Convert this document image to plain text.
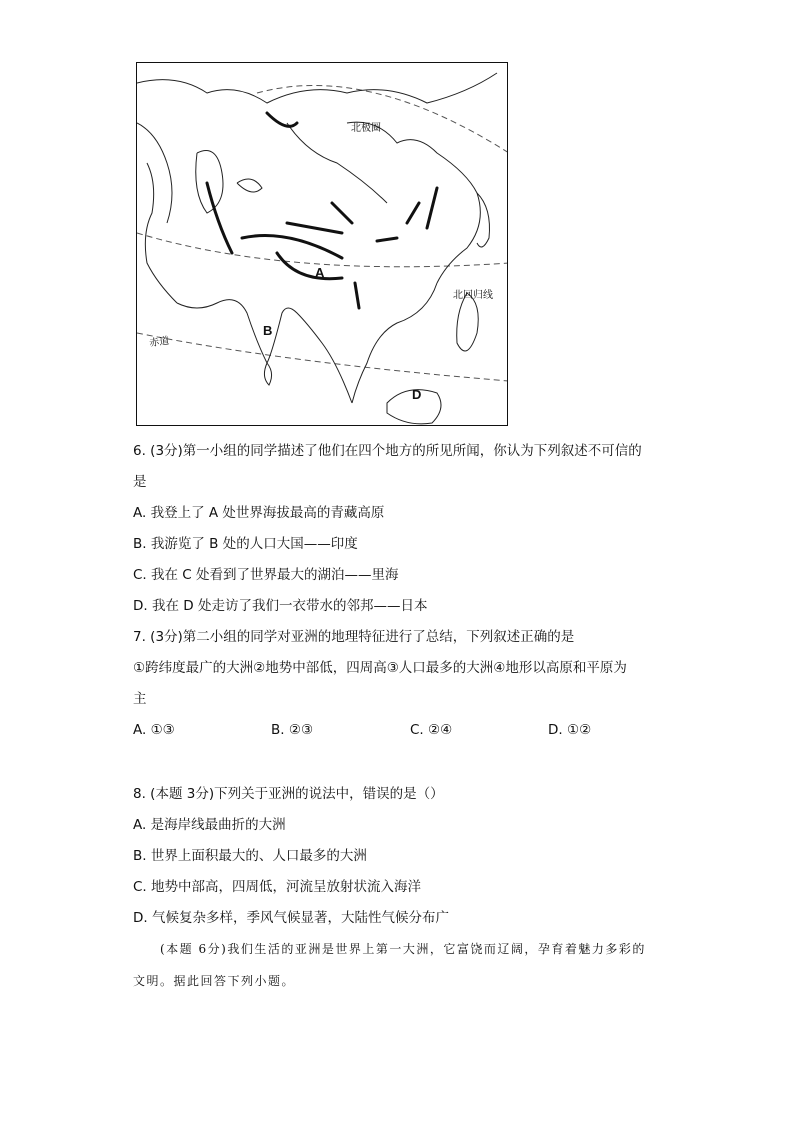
北极圈
北回归线
赤道
A
B
D
6. (3分)第一小组的同学描述了他们在四个地方的所见所闻，你认为下列叙述不可信的
是
A. 我登上了 A 处世界海拔最高的青藏高原
B. 我游览了 B 处的人口大国——印度
C. 我在 C 处看到了世界最大的湖泊——里海
D. 我在 D 处走访了我们一衣带水的邻邦——日本
7. (3分)第二小组的同学对亚洲的地理特征进行了总结，下列叙述正确的是
①跨纬度最广的大洲②地势中部低，四周高③人口最多的大洲④地形以高原和平原为
主
A. ①③	B. ②③	C. ②④	D. ①②
8. (本题 3分)下列关于亚洲的说法中，错误的是（）
A. 是海岸线最曲折的大洲
B. 世界上面积最大的、人口最多的大洲
C. 地势中部高，四周低，河流呈放射状流入海洋
D. 气候复杂多样，季风气候显著，大陆性气候分布广
(本题 6分)我们生活的亚洲是世界上第一大洲，它富饶而辽阔，孕育着魅力多彩的
文明。据此回答下列小题。
